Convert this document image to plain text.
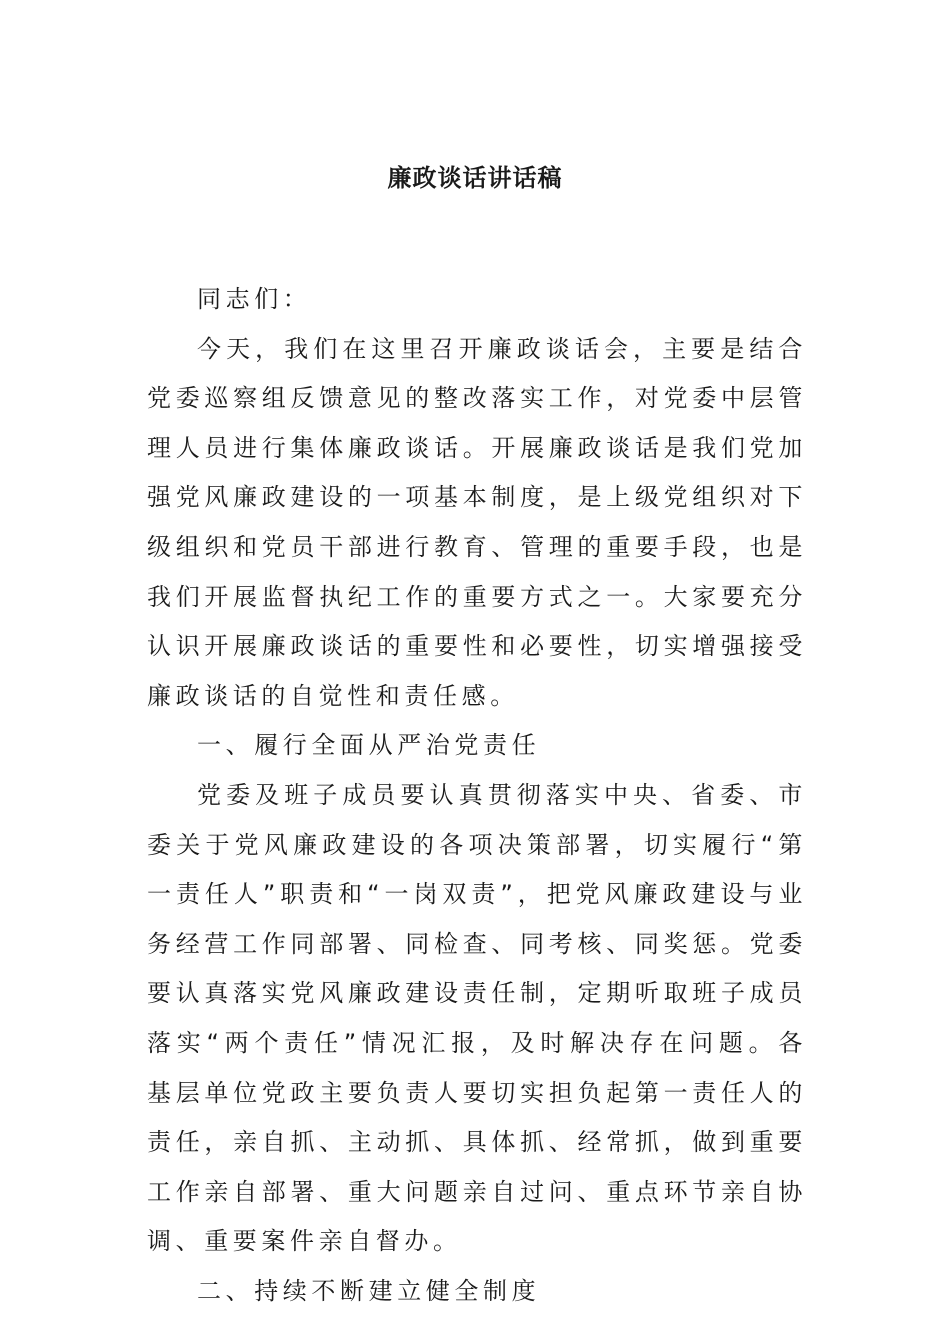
廉政谈话讲话稿

同志们：

今天，我们在这里召开廉政谈话会，主要是结合党委巡察组反馈意见的整改落实工作，对党委中层管理人员进行集体廉政谈话。开展廉政谈话是我们党加强党风廉政建设的一项基本制度，是上级党组织对下级组织和党员干部进行教育、管理的重要手段，也是我们开展监督执纪工作的重要方式之一。大家要充分认识开展廉政谈话的重要性和必要性，切实增强接受廉政谈话的自觉性和责任感。

一、履行全面从严治党责任

党委及班子成员要认真贯彻落实中央、省委、市委关于党风廉政建设的各项决策部署，切实履行“第一责任人”职责和“一岗双责”，把党风廉政建设与业务经营工作同部署、同检查、同考核、同奖惩。党委要认真落实党风廉政建设责任制，定期听取班子成员落实“两个责任”情况汇报，及时解决存在问题。各基层单位党政主要负责人要切实担负起第一责任人的责任，亲自抓、主动抓、具体抓、经常抓，做到重要工作亲自部署、重大问题亲自过问、重点环节亲自协调、重要案件亲自督办。

二、持续不断建立健全制度
